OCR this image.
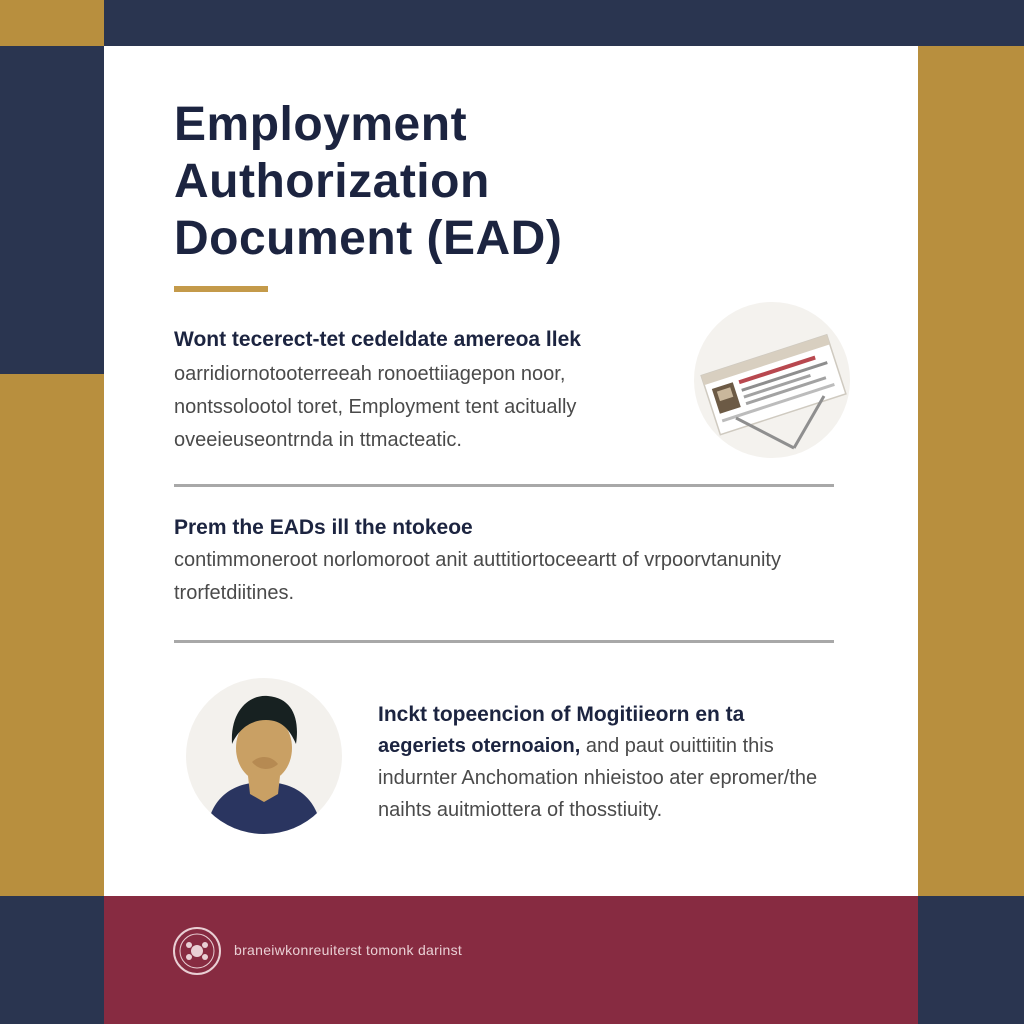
Employment
Authorization
Document (EAD)

Wont tecerect-tet cedeldate amereoa llek

oarridiornotooterreeah ronoettiiagepon noor, nontssolootol toret, Employment tent acitually oveeieuseontrnda in ttmacteatic.

Prem the EADs ill the ntokeoe

contimmoneroot norlomoroot anit auttitiortoceeartt of vrpoorvtanunity trorfetdiitines.

Inckt topeencion of Mogitiieorn en ta
aegeriets oternoaion, and paut ouittiitin this indurnter Anchomation nhieistoo ater epromer/the naihts auitmiottera of thosstiuity.
braneiwkonreuiterst tomonk darinst
